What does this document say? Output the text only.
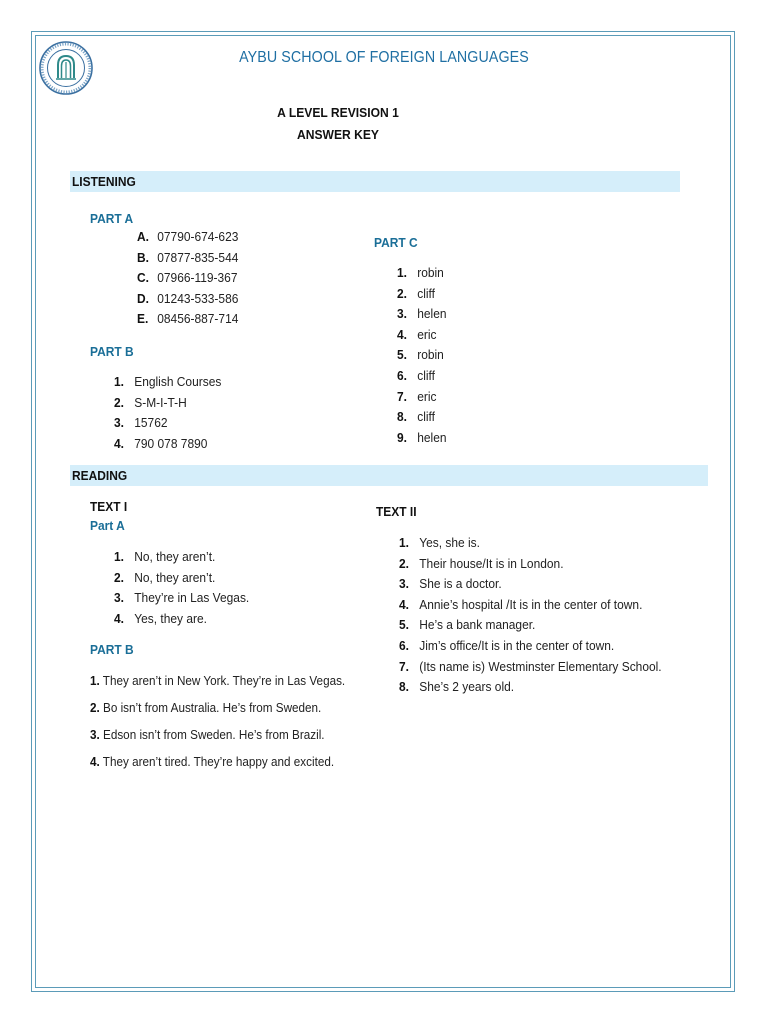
AYBU SCHOOL OF FOREIGN LANGUAGES
A LEVEL REVISION 1
ANSWER KEY
LISTENING
PART A
A. 07790-674-623
B. 07877-835-544
C. 07966-119-367
D. 01243-533-586
E. 08456-887-714
PART B
1. English Courses
2. S-M-I-T-H
3. 15762
4. 790 078 7890
PART C
1. robin
2. cliff
3. helen
4. eric
5. robin
6. cliff
7. eric
8. cliff
9. helen
READING
TEXT I
Part A
1. No, they aren’t.
2. No, they aren’t.
3. They’re in Las Vegas.
4. Yes, they are.
PART B
1. They aren’t in New York. They’re in Las Vegas.
2. Bo isn’t from Australia. He’s from Sweden.
3. Edson isn’t from Sweden. He’s from Brazil.
4. They aren’t tired. They’re happy and excited.
TEXT II
1. Yes, she is.
2. Their house/It is in London.
3. She is a doctor.
4. Annie’s hospital /It is in the center of town.
5. He’s a bank manager.
6. Jim’s office/It is in the center of town.
7. (Its name is) Westminster Elementary School.
8. She’s 2 years old.
